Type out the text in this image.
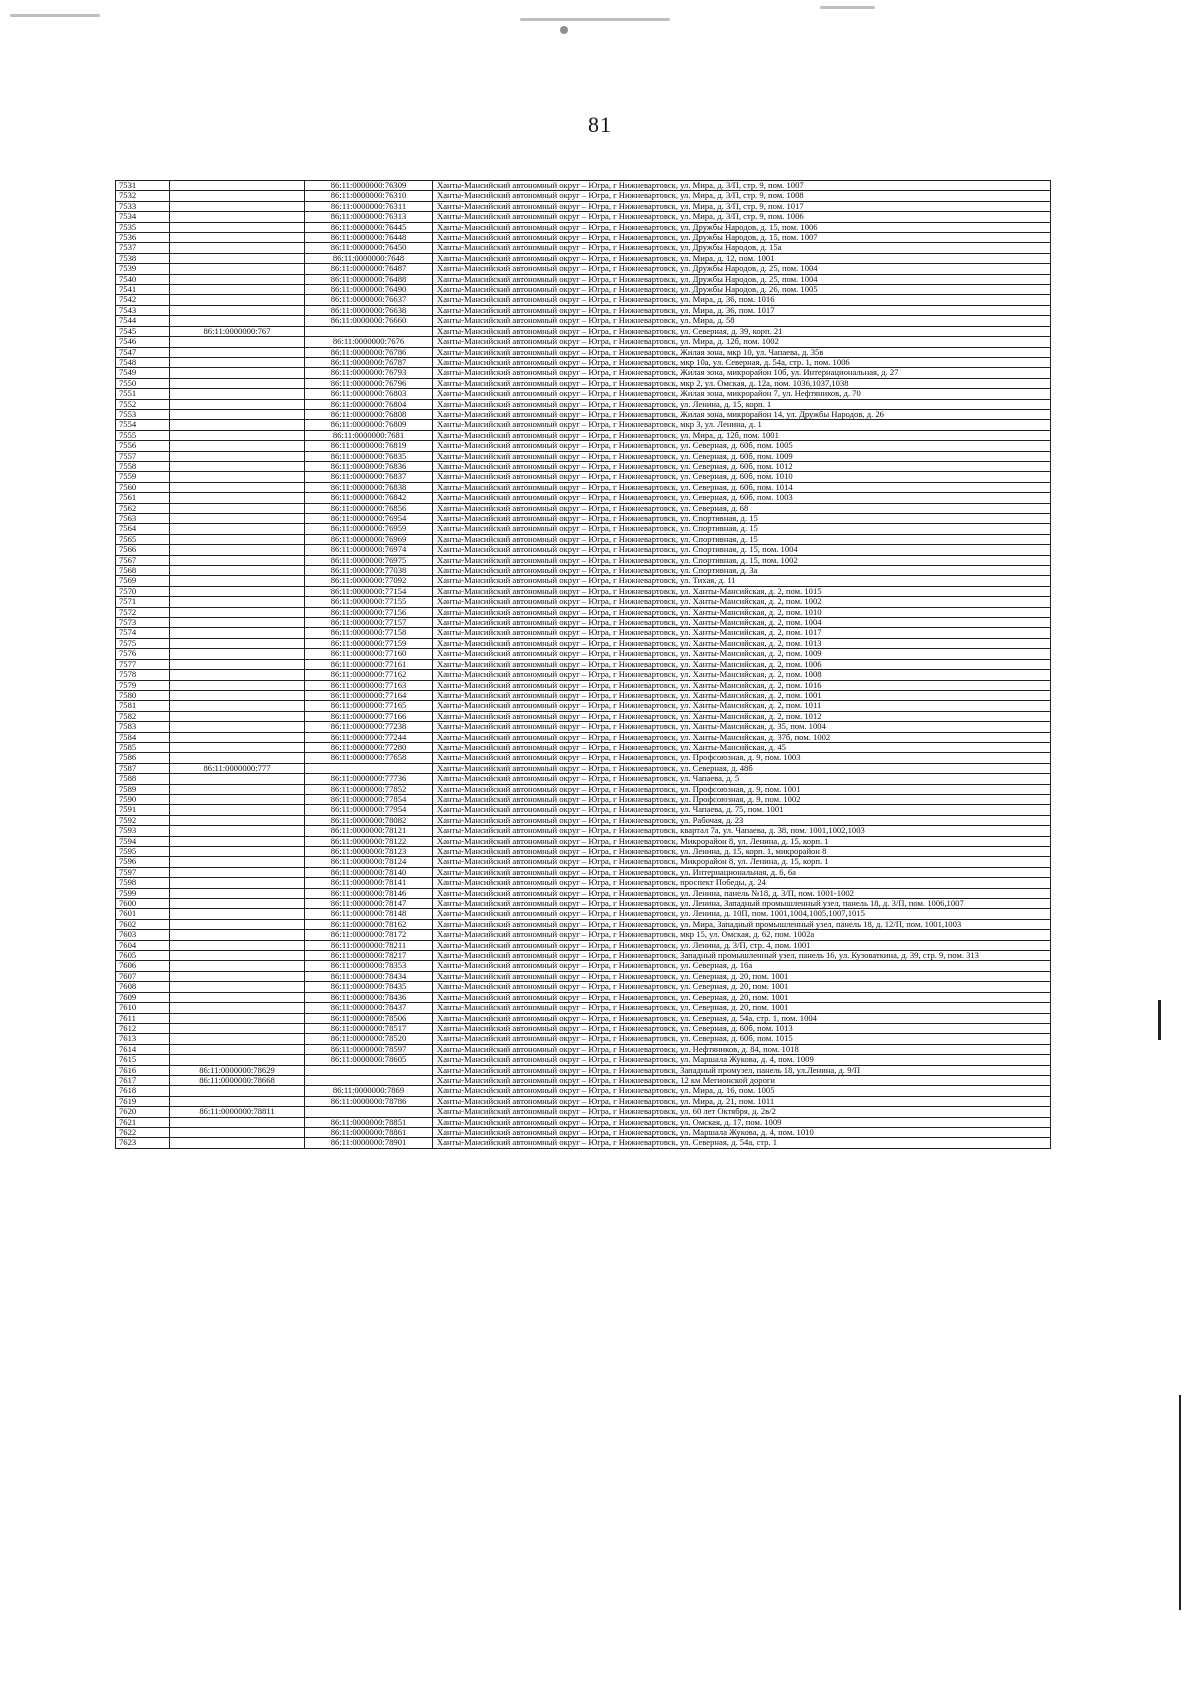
81
7531		86:11:0000000:76309	Ханты-Мансийский автономный округ – Югра, г Нижневартовск, ул. Мира, д. 3/П, стр. 9, пом. 1007
7532		86:11:0000000:76310	Ханты-Мансийский автономный округ – Югра, г Нижневартовск, ул. Мира, д. 3/П, стр. 9, пом. 1008
7533		86:11:0000000:76311	Ханты-Мансийский автономный округ – Югра, г Нижневартовск, ул. Мира, д. 3/П, стр. 9, пом. 1017
7534		86:11:0000000:76313	Ханты-Мансийский автономный округ – Югра, г Нижневартовск, ул. Мира, д. 3/П, стр. 9, пом. 1006
7535		86:11:0000000:76445	Ханты-Мансийский автономный округ – Югра, г Нижневартовск, ул. Дружбы Народов, д. 15, пом. 1006
7536		86:11:0000000:76448	Ханты-Мансийский автономный округ – Югра, г Нижневартовск, ул. Дружбы Народов, д. 15, пом. 1007
7537		86:11:0000000:76450	Ханты-Мансийский автономный округ – Югра, г Нижневартовск, ул. Дружбы Народов, д. 15а
7538		86:11:0000000:7648	Ханты-Мансийский автономный округ – Югра, г Нижневартовск, ул. Мира, д. 12, пом. 1001
7539		86:11:0000000:76487	Ханты-Мансийский автономный округ – Югра, г Нижневартовск, ул. Дружбы Народов, д. 25, пом. 1004
7540		86:11:0000000:76488	Ханты-Мансийский автономный округ – Югра, г Нижневартовск, ул. Дружбы Народов, д. 25, пом. 1004
7541		86:11:0000000:76490	Ханты-Мансийский автономный округ – Югра, г Нижневартовск, ул. Дружбы Народов, д. 26, пом. 1005
7542		86:11:0000000:76637	Ханты-Мансийский автономный округ – Югра, г Нижневартовск, ул. Мира, д. 36, пом. 1016
7543		86:11:0000000:76638	Ханты-Мансийский автономный округ – Югра, г Нижневартовск, ул. Мира, д. 36, пом. 1017
7544		86:11:0000000:76660	Ханты-Мансийский автономный округ – Югра, г Нижневартовск, ул. Мира, д. 58
7545	86:11:0000000:767		Ханты-Мансийский автономный округ – Югра, г Нижневартовск, ул. Северная, д. 39, корп. 21
7546		86:11:0000000:7676	Ханты-Мансийский автономный округ – Югра, г Нижневартовск, ул. Мира, д. 12б, пом. 1002
7547		86:11:0000000:76786	Ханты-Мансийский автономный округ – Югра, г Нижневартовск, Жилая зона, мкр 10, ул. Чапаева, д. 35в
7548		86:11:0000000:76787	Ханты-Мансийский автономный округ – Югра, г Нижневартовск, мкр 10а, ул. Северная, д. 54а, стр. 1, пом. 1006
7549		86:11:0000000:76793	Ханты-Мансийский автономный округ – Югра, г Нижневартовск, Жилая зона, микрорайон 10б, ул. Интернациональная, д. 27
7550		86:11:0000000:76796	Ханты-Мансийский автономный округ – Югра, г Нижневартовск, мкр 2, ул. Омская, д. 12а, пом. 1036,1037,1038
7551		86:11:0000000:76803	Ханты-Мансийский автономный округ – Югра, г Нижневартовск, Жилая зона, микрорайон 7, ул. Нефтяников, д. 70
7552		86:11:0000000:76804	Ханты-Мансийский автономный округ – Югра, г Нижневартовск, ул. Ленина, д. 15, корп. 1
7553		86:11:0000000:76808	Ханты-Мансийский автономный округ – Югра, г Нижневартовск, Жилая зона, микрорайон 14, ул. Дружбы Народов, д. 26
7554		86:11:0000000:76809	Ханты-Мансийский автономный округ – Югра, г Нижневартовск, мкр 3, ул. Ленина, д. 1
7555		86:11:0000000:7681	Ханты-Мансийский автономный округ – Югра, г Нижневартовск, ул. Мира, д. 12б, пом. 1001
7556		86:11:0000000:76819	Ханты-Мансийский автономный округ – Югра, г Нижневартовск, ул. Северная, д. 60б, пом. 1005
7557		86:11:0000000:76835	Ханты-Мансийский автономный округ – Югра, г Нижневартовск, ул. Северная, д. 60б, пом. 1009
7558		86:11:0000000:76836	Ханты-Мансийский автономный округ – Югра, г Нижневартовск, ул. Северная, д. 60б, пом. 1012
7559		86:11:0000000:76837	Ханты-Мансийский автономный округ – Югра, г Нижневартовск, ул. Северная, д. 60б, пом. 1010
7560		86:11:0000000:76838	Ханты-Мансийский автономный округ – Югра, г Нижневартовск, ул. Северная, д. 60б, пом. 1014
7561		86:11:0000000:76842	Ханты-Мансийский автономный округ – Югра, г Нижневартовск, ул. Северная, д. 60б, пом. 1003
7562		86:11:0000000:76856	Ханты-Мансийский автономный округ – Югра, г Нижневартовск, ул. Северная, д. 68
7563		86:11:0000000:76954	Ханты-Мансийский автономный округ – Югра, г Нижневартовск, ул. Спортивная, д. 15
7564		86:11:0000000:76959	Ханты-Мансийский автономный округ – Югра, г Нижневартовск, ул. Спортивная, д. 15
7565		86:11:0000000:76969	Ханты-Мансийский автономный округ – Югра, г Нижневартовск, ул. Спортивная, д. 15
7566		86:11:0000000:76974	Ханты-Мансийский автономный округ – Югра, г Нижневартовск, ул. Спортивная, д. 15, пом. 1004
7567		86:11:0000000:76975	Ханты-Мансийский автономный округ – Югра, г Нижневартовск, ул. Спортивная, д. 15, пом. 1002
7568		86:11:0000000:77038	Ханты-Мансийский автономный округ – Югра, г Нижневартовск, ул. Спортивная, д. 3а
7569		86:11:0000000:77092	Ханты-Мансийский автономный округ – Югра, г Нижневартовск, ул. Тихая, д. 11
7570		86:11:0000000:77154	Ханты-Мансийский автономный округ – Югра, г Нижневартовск, ул. Ханты-Мансийская, д. 2, пом. 1015
7571		86:11:0000000:77155	Ханты-Мансийский автономный округ – Югра, г Нижневартовск, ул. Ханты-Мансийская, д. 2, пом. 1002
7572		86:11:0000000:77156	Ханты-Мансийский автономный округ – Югра, г Нижневартовск, ул. Ханты-Мансийская, д. 2, пом. 1010
7573		86:11:0000000:77157	Ханты-Мансийский автономный округ – Югра, г Нижневартовск, ул. Ханты-Мансийская, д. 2, пом. 1004
7574		86:11:0000000:77158	Ханты-Мансийский автономный округ – Югра, г Нижневартовск, ул. Ханты-Мансийская, д. 2, пом. 1017
7575		86:11:0000000:77159	Ханты-Мансийский автономный округ – Югра, г Нижневартовск, ул. Ханты-Мансийская, д. 2, пом. 1013
7576		86:11:0000000:77160	Ханты-Мансийский автономный округ – Югра, г Нижневартовск, ул. Ханты-Мансийская, д. 2, пом. 1009
7577		86:11:0000000:77161	Ханты-Мансийский автономный округ – Югра, г Нижневартовск, ул. Ханты-Мансийская, д. 2, пом. 1006
7578		86:11:0000000:77162	Ханты-Мансийский автономный округ – Югра, г Нижневартовск, ул. Ханты-Мансийская, д. 2, пом. 1008
7579		86:11:0000000:77163	Ханты-Мансийский автономный округ – Югра, г Нижневартовск, ул. Ханты-Мансийская, д. 2, пом. 1016
7580		86:11:0000000:77164	Ханты-Мансийский автономный округ – Югра, г Нижневартовск, ул. Ханты-Мансийская, д. 2, пом. 1001
7581		86:11:0000000:77165	Ханты-Мансийский автономный округ – Югра, г Нижневартовск, ул. Ханты-Мансийская, д. 2, пом. 1011
7582		86:11:0000000:77166	Ханты-Мансийский автономный округ – Югра, г Нижневартовск, ул. Ханты-Мансийская, д. 2, пом. 1012
7583		86:11:0000000:77238	Ханты-Мансийский автономный округ – Югра, г Нижневартовск, ул. Ханты-Мансийская, д. 35, пом. 1004
7584		86:11:0000000:77244	Ханты-Мансийский автономный округ – Югра, г Нижневартовск, ул. Ханты-Мансийская, д. 37б, пом. 1002
7585		86:11:0000000:77280	Ханты-Мансийский автономный округ – Югра, г Нижневартовск, ул. Ханты-Мансийская, д. 45
7586		86:11:0000000:77658	Ханты-Мансийский автономный округ – Югра, г Нижневартовск, ул. Профсоюзная, д. 9, пом. 1003
7587	86:11:0000000:777		Ханты-Мансийский автономный округ – Югра, г Нижневартовск, ул. Северная, д. 48б
7588		86:11:0000000:77736	Ханты-Мансийский автономный округ – Югра, г Нижневартовск, ул. Чапаева, д. 5
7589		86:11:0000000:77852	Ханты-Мансийский автономный округ – Югра, г Нижневартовск, ул. Профсоюзная, д. 9, пом. 1001
7590		86:11:0000000:77854	Ханты-Мансийский автономный округ – Югра, г Нижневартовск, ул. Профсоюзная, д. 9, пом. 1002
7591		86:11:0000000:77954	Ханты-Мансийский автономный округ – Югра, г Нижневартовск, ул. Чапаева, д. 75, пом. 1001
7592		86:11:0000000:78082	Ханты-Мансийский автономный округ – Югра, г Нижневартовск, ул. Рабочая, д. 23
7593		86:11:0000000:78121	Ханты-Мансийский автономный округ – Югра, г Нижневартовск, квартал 7а, ул. Чапаева, д. 38, пом. 1001,1002,1003
7594		86:11:0000000:78122	Ханты-Мансийский автономный округ – Югра, г Нижневартовск, Микрорайон 8, ул. Ленина, д. 15, корп. 1
7595		86:11:0000000:78123	Ханты-Мансийский автономный округ – Югра, г Нижневартовск, ул. Ленина, д. 15, корп. 1, микрорайон 8
7596		86:11:0000000:78124	Ханты-Мансийский автономный округ – Югра, г Нижневартовск, Микрорайон 8, ул. Ленина, д. 15, корп. 1
7597		86:11:0000000:78140	Ханты-Мансийский автономный округ – Югра, г Нижневартовск, ул. Интернациональная, д. 6, 6а
7598		86:11:0000000:78141	Ханты-Мансийский автономный округ – Югра, г Нижневартовск, проспект Победы, д. 24
7599		86:11:0000000:78146	Ханты-Мансийский автономный округ – Югра, г Нижневартовск, ул. Ленина, панель №18, д. 3/П, пом. 1001-1002
7600		86:11:0000000:78147	Ханты-Мансийский автономный округ – Югра, г Нижневартовск, ул. Ленина, Западный промышленный узел, панель 18, д. 3/П, пом. 1006,1007
7601		86:11:0000000:78148	Ханты-Мансийский автономный округ – Югра, г Нижневартовск, ул. Ленина, д. 10П, пом. 1001,1004,1005,1007,1015
7602		86:11:0000000:78162	Ханты-Мансийский автономный округ – Югра, г Нижневартовск, ул. Мира, Западный промышленный узел, панель 18, д. 12/П, пом. 1001,1003
7603		86:11:0000000:78172	Ханты-Мансийский автономный округ – Югра, г Нижневартовск, мкр 15, ул. Омская, д. 62, пом. 1002а
7604		86:11:0000000:78211	Ханты-Мансийский автономный округ – Югра, г Нижневартовск, ул. Ленина, д. 3/П, стр. 4, пом. 1001
7605		86:11:0000000:78217	Ханты-Мансийский автономный округ – Югра, г Нижневартовск, Западный промышленный узел, панель 16, ул. Кузоваткина, д. 39, стр. 9, пом. 313
7606		86:11:0000000:78353	Ханты-Мансийский автономный округ – Югра, г Нижневартовск, ул. Северная, д. 16а
7607		86:11:0000000:78434	Ханты-Мансийский автономный округ – Югра, г Нижневартовск, ул. Северная, д. 20, пом. 1001
7608		86:11:0000000:78435	Ханты-Мансийский автономный округ – Югра, г Нижневартовск, ул. Северная, д. 20, пом. 1001
7609		86:11:0000000:78436	Ханты-Мансийский автономный округ – Югра, г Нижневартовск, ул. Северная, д. 20, пом. 1001
7610		86:11:0000000:78437	Ханты-Мансийский автономный округ – Югра, г Нижневартовск, ул. Северная, д. 20, пом. 1001
7611		86:11:0000000:78506	Ханты-Мансийский автономный округ – Югра, г Нижневартовск, ул. Северная, д. 54а, стр. 1, пом. 1004
7612		86:11:0000000:78517	Ханты-Мансийский автономный округ – Югра, г Нижневартовск, ул. Северная, д. 60б, пом. 1013
7613		86:11:0000000:78520	Ханты-Мансийский автономный округ – Югра, г Нижневартовск, ул. Северная, д. 60б, пом. 1015
7614		86:11:0000000:78597	Ханты-Мансийский автономный округ – Югра, г Нижневартовск, ул. Нефтяников, д. 84, пом. 1018
7615		86:11:0000000:78605	Ханты-Мансийский автономный округ – Югра, г Нижневартовск, ул. Маршала Жукова, д. 4, пом. 1009
7616	86:11:0000000:78629		Ханты-Мансийский автономный округ – Югра, г Нижневартовск, Западный промузел, панель 18, ул.Ленина, д. 9/П
7617	86:11:0000000:78668		Ханты-Мансийский автономный округ – Югра, г Нижневартовск, 12 км Мегионской дороги
7618		86:11:0000000:7869	Ханты-Мансийский автономный округ – Югра, г Нижневартовск, ул. Мира, д. 16, пом. 1005
7619		86:11:0000000:78786	Ханты-Мансийский автономный округ – Югра, г Нижневартовск, ул. Мира, д. 21, пом. 1011
7620	86:11:0000000:78811		Ханты-Мансийский автономный округ – Югра, г Нижневартовск, ул. 60 лет Октября, д. 2в/2
7621		86:11:0000000:78851	Ханты-Мансийский автономный округ – Югра, г Нижневартовск, ул. Омская, д. 17, пом. 1009
7622		86:11:0000000:78861	Ханты-Мансийский автономный округ – Югра, г Нижневартовск, ул. Маршала Жукова, д. 4, пом. 1010
7623		86:11:0000000:78901	Ханты-Мансийский автономный округ – Югра, г Нижневартовск, ул. Северная, д. 54а, стр. 1
